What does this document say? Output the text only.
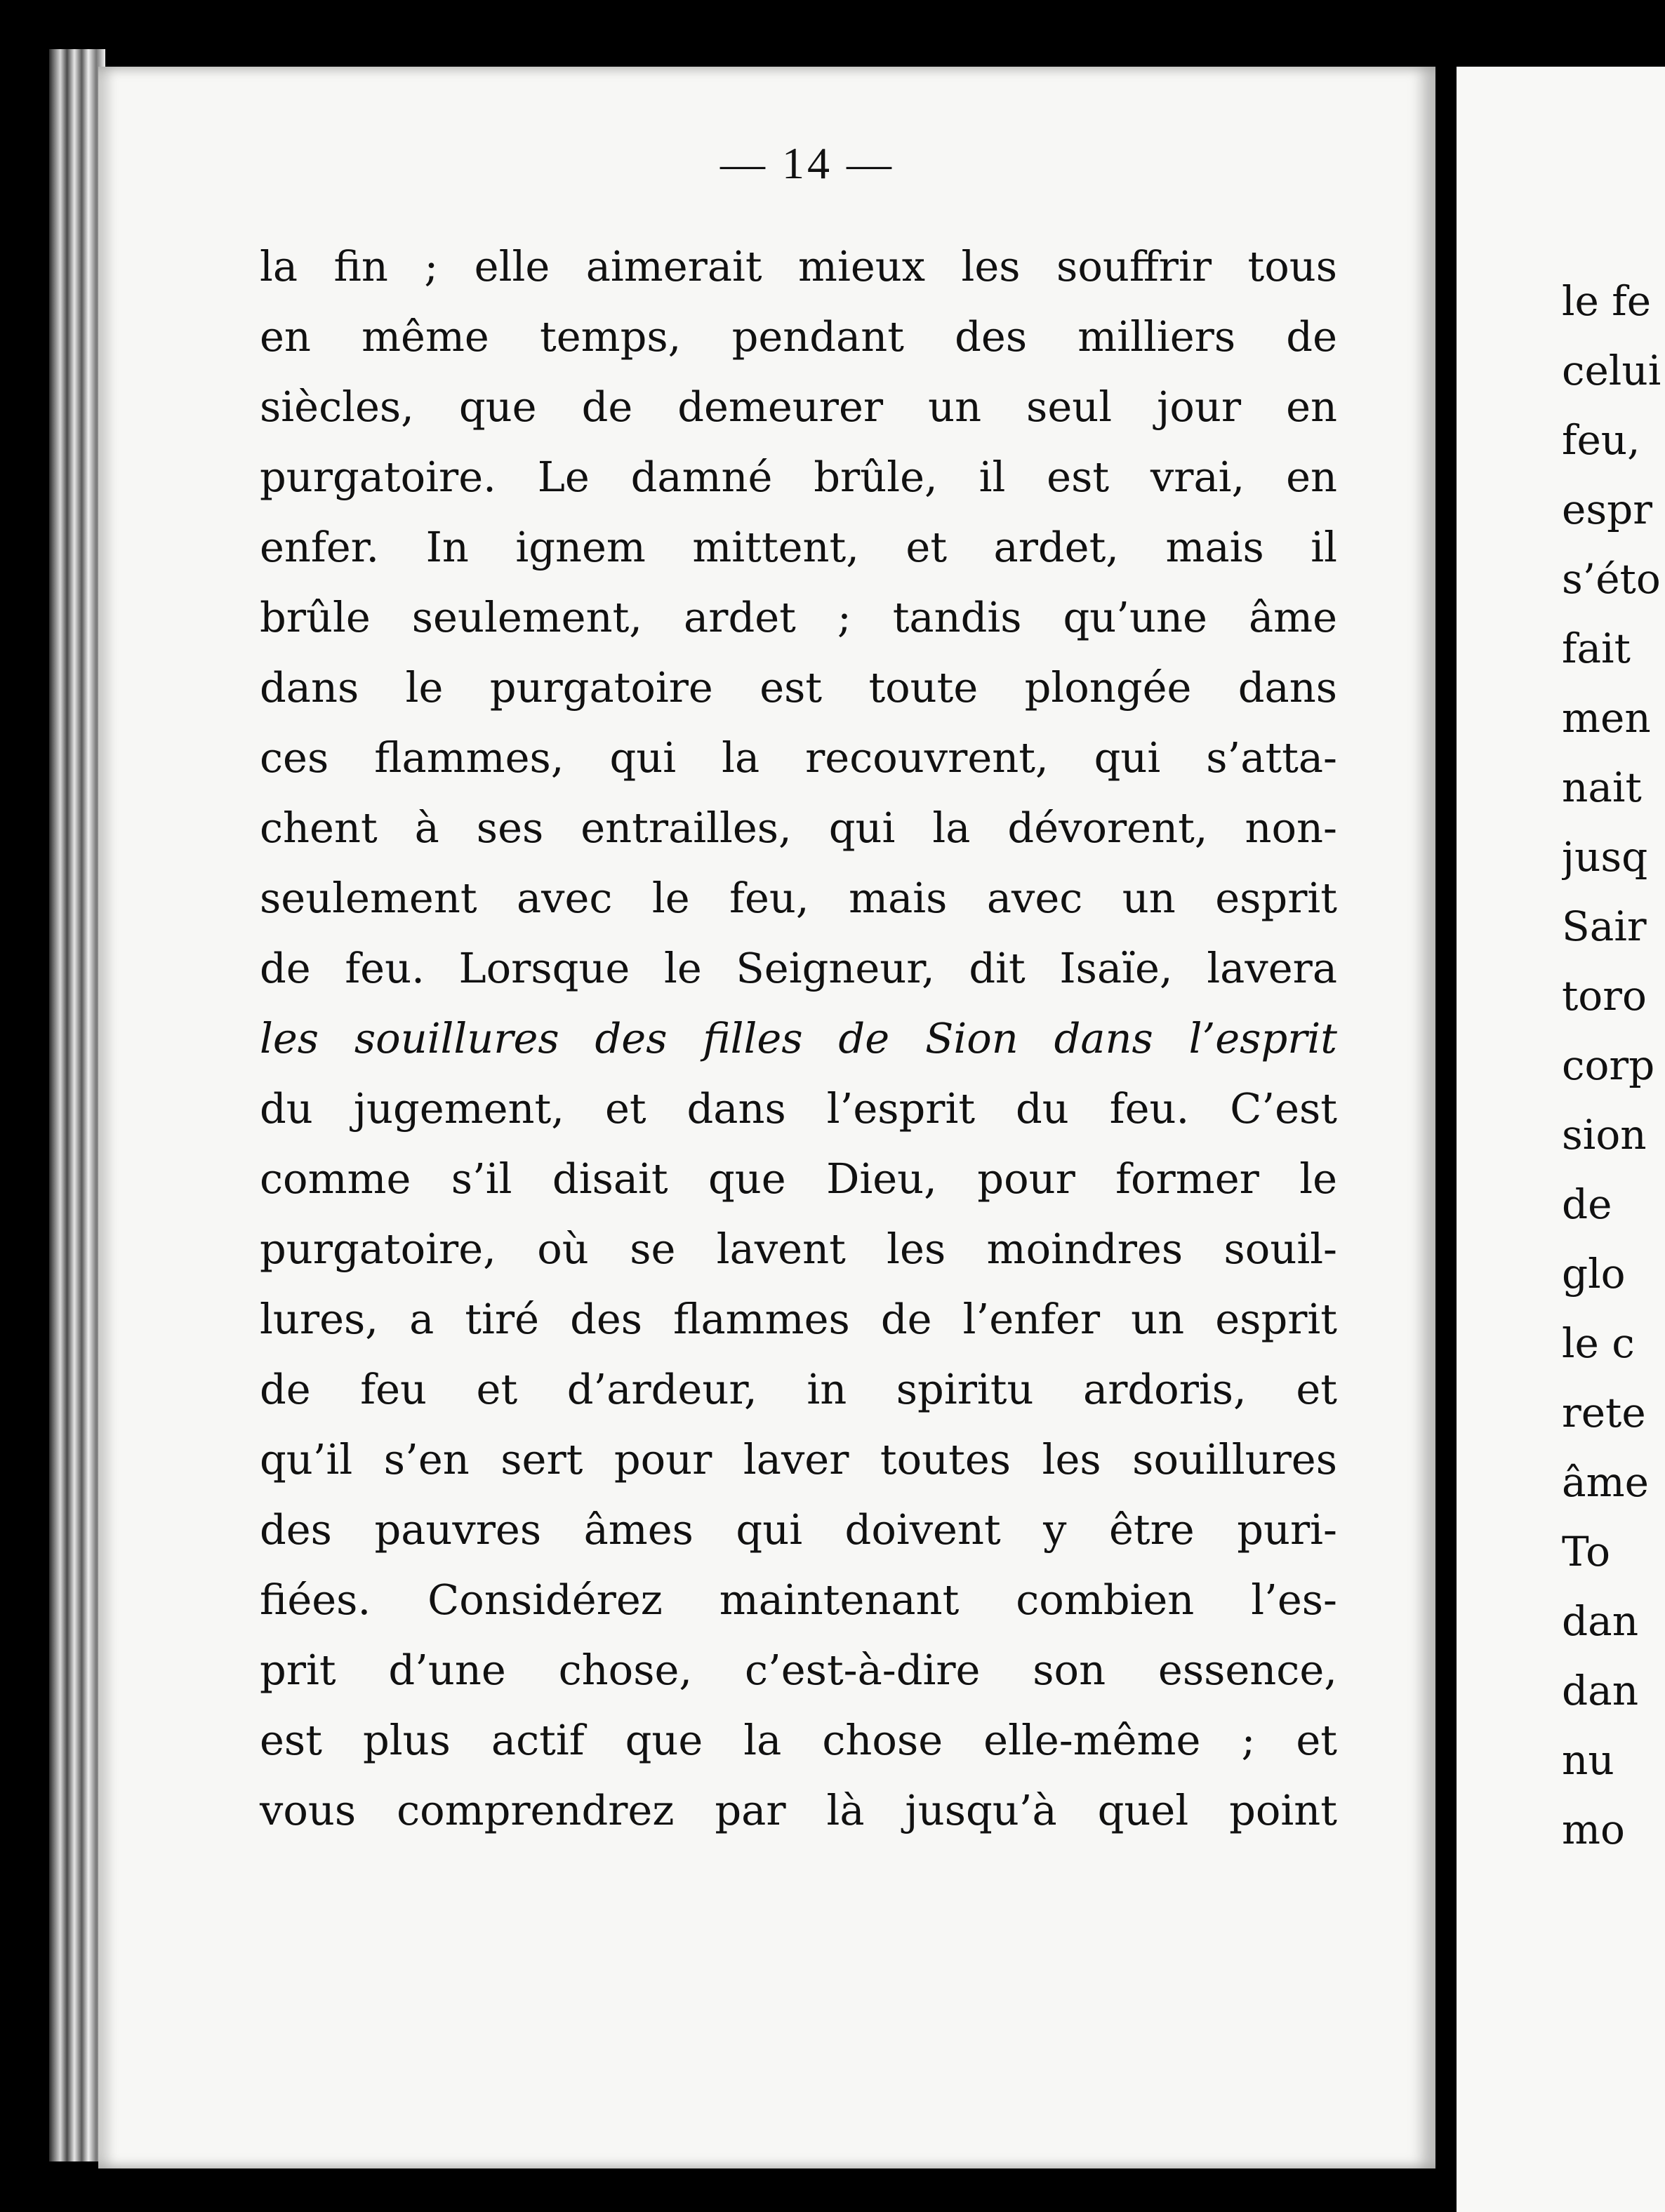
— 14 —
la fin ; elle aimerait mieux les souffrir tous
en même temps, pendant des milliers de
siècles, que de demeurer un seul jour en
purgatoire. Le damné brûle, il est vrai, en
enfer. In ignem mittent, et ardet, mais il
brûle seulement, ardet ; tandis qu’une âme
dans le purgatoire est toute plongée dans
ces flammes, qui la recouvrent, qui s’atta-
chent à ses entrailles, qui la dévorent, non-
seulement avec le feu, mais avec un esprit
de feu. Lorsque le Seigneur, dit Isaïe, lavera
les souillures des filles de Sion dans l’esprit
du jugement, et dans l’esprit du feu. C’est
comme s’il disait que Dieu, pour former le
purgatoire, où se lavent les moindres souil-
lures, a tiré des flammes de l’enfer un esprit
de feu et d’ardeur, in spiritu ardoris, et
qu’il s’en sert pour laver toutes les souillures
des pauvres âmes qui doivent y être puri-
fiées. Considérez maintenant combien l’es-
prit d’une chose, c’est-à-dire son essence,
est plus actif que la chose elle-même ; et
vous comprendrez par là jusqu’à quel point
le fe
celui
feu,
espr
s’éto
fait
men
nait
jusq
Sair
toro
corp
sion
de
glo
le c
rete
âme
To
dan
dan
nu
mo
